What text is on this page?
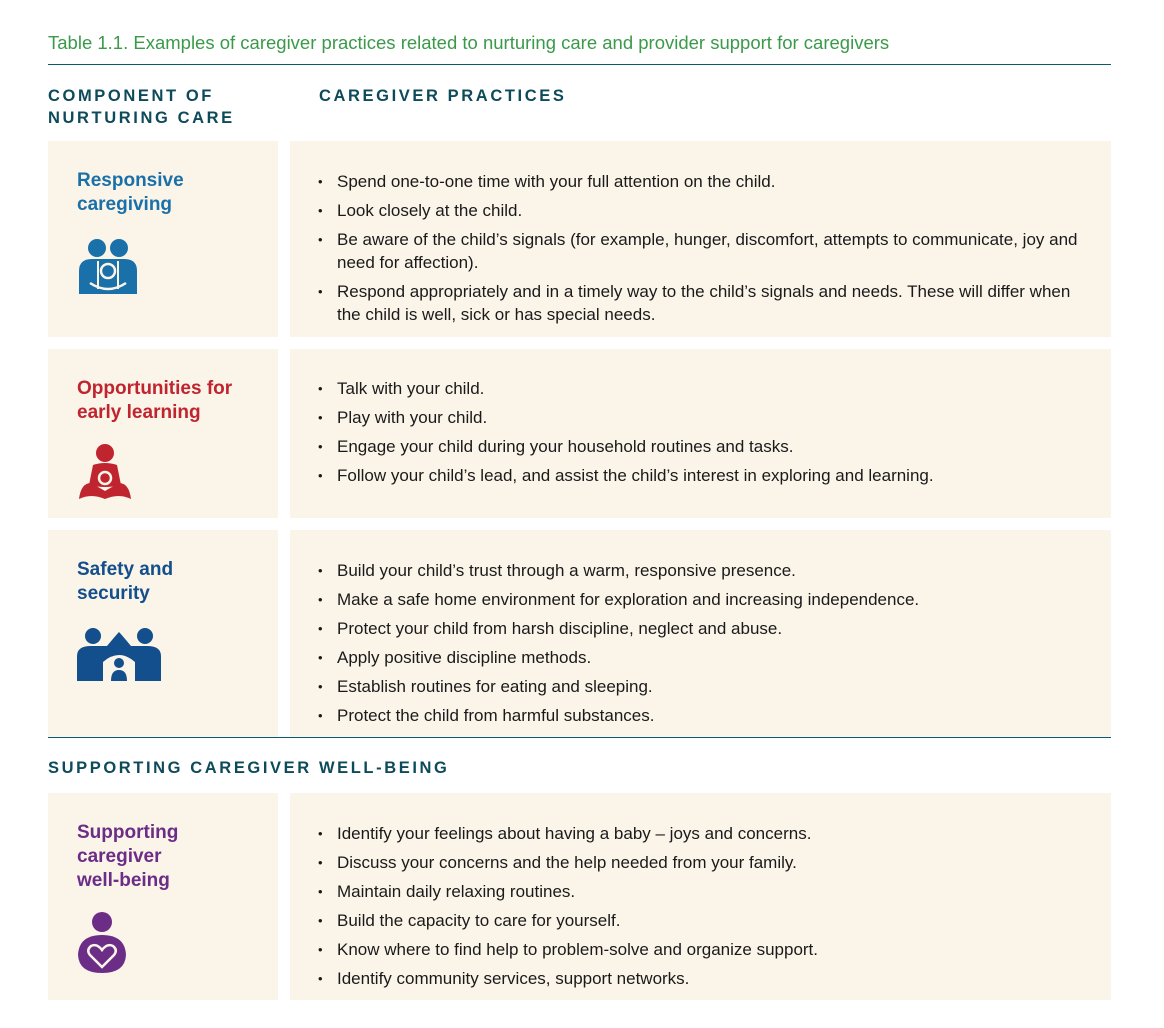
Table 1.1. Examples of caregiver practices related to nurturing care and provider support for caregivers
COMPONENT OF NURTURING CARE
CAREGIVER PRACTICES
Responsive caregiving
• Spend one-to-one time with your full attention on the child.
• Look closely at the child.
• Be aware of the child’s signals (for example, hunger, discomfort, attempts to communicate, joy and need for affection).
• Respond appropriately and in a timely way to the child’s signals and needs. These will differ when the child is well, sick or has special needs.
Opportunities for early learning
• Talk with your child.
• Play with your child.
• Engage your child during your household routines and tasks.
• Follow your child’s lead, and assist the child’s interest in exploring and learning.
Safety and security
• Build your child’s trust through a warm, responsive presence.
• Make a safe home environment for exploration and increasing independence.
• Protect your child from harsh discipline, neglect and abuse.
• Apply positive discipline methods.
• Establish routines for eating and sleeping.
• Protect the child from harmful substances.
SUPPORTING CAREGIVER WELL-BEING
Supporting caregiver well-being
• Identify your feelings about having a baby – joys and concerns.
• Discuss your concerns and the help needed from your family.
• Maintain daily relaxing routines.
• Build the capacity to care for yourself.
• Know where to find help to problem-solve and organize support.
• Identify community services, support networks.
